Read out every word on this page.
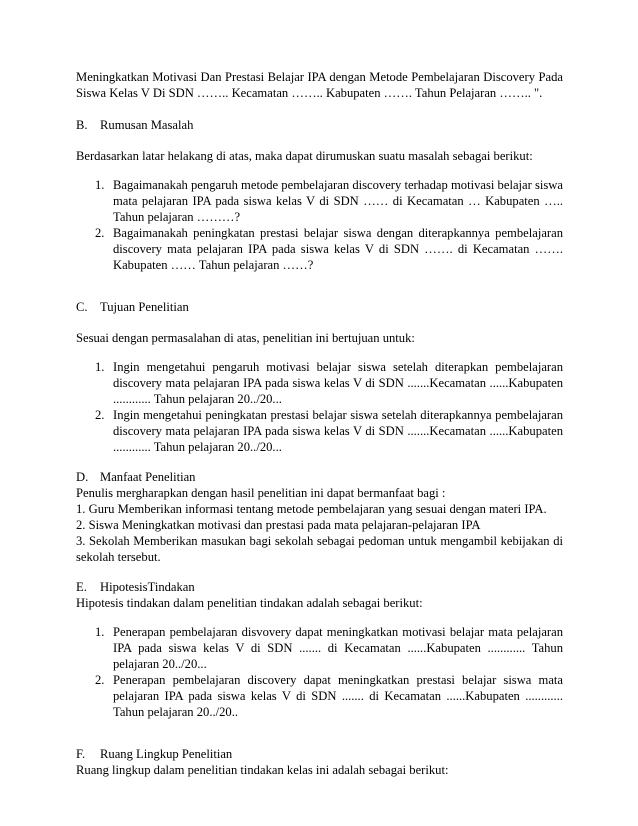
Meningkatkan Motivasi Dan Prestasi Belajar IPA dengan Metode Pembelajaran Discovery Pada Siswa Kelas V Di SDN …….. Kecamatan …….. Kabupaten ……. Tahun Pelajaran …….. ".

B. Rumusan Masalah

Berdasarkan latar helakang di atas, maka dapat dirumuskan suatu masalah sebagai berikut:

1. Bagaimanakah pengaruh metode pembelajaran discovery terhadap motivasi belajar siswa mata pelajaran IPA pada siswa kelas V di SDN …… di Kecamatan … Kabupaten ….. Tahun pelajaran ………?
2. Bagaimanakah peningkatan prestasi belajar siswa dengan diterapkannya pembelajaran discovery mata pelajaran IPA pada siswa kelas V di SDN ……. di Kecamatan ……. Kabupaten …… Tahun pelajaran ……?

C. Tujuan Penelitian

Sesuai dengan permasalahan di atas, penelitian ini bertujuan untuk:

1. Ingin mengetahui pengaruh motivasi belajar siswa setelah diterapkan pembelajaran discovery mata pelajaran IPA pada siswa kelas V di SDN .......Kecamatan ......Kabupaten ............ Tahun pelajaran 20../20...
2. Ingin mengetahui peningkatan prestasi belajar siswa setelah diterapkannya pembelajaran discovery mata pelajaran IPA pada siswa kelas V di SDN .......Kecamatan ......Kabupaten ............ Tahun pelajaran 20../20...

D. Manfaat Penelitian

Penulis mergharapkan dengan hasil penelitian ini dapat bermanfaat bagi :

1. Guru Memberikan informasi tentang metode pembelajaran yang sesuai dengan materi IPA.

2. Siswa Meningkatkan motivasi dan prestasi pada mata pelajaran-pelajaran IPA

3. Sekolah Memberikan masukan bagi sekolah sebagai pedoman untuk mengambil kebijakan di sekolah tersebut.

E. HipotesisTindakan

Hipotesis tindakan dalam penelitian tindakan adalah sebagai berikut:

1. Penerapan pembelajaran disvovery dapat meningkatkan motivasi belajar mata pelajaran IPA pada siswa kelas V di SDN ....... di Kecamatan ......Kabupaten ............ Tahun pelajaran 20../20...
2. Penerapan pembelajaran discovery dapat meningkatkan prestasi belajar siswa mata pelajaran IPA pada siswa kelas V di SDN ....... di Kecamatan ......Kabupaten ............ Tahun pelajaran 20../20..

F. Ruang Lingkup Penelitian

Ruang lingkup dalam penelitian tindakan kelas ini adalah sebagai berikut:
